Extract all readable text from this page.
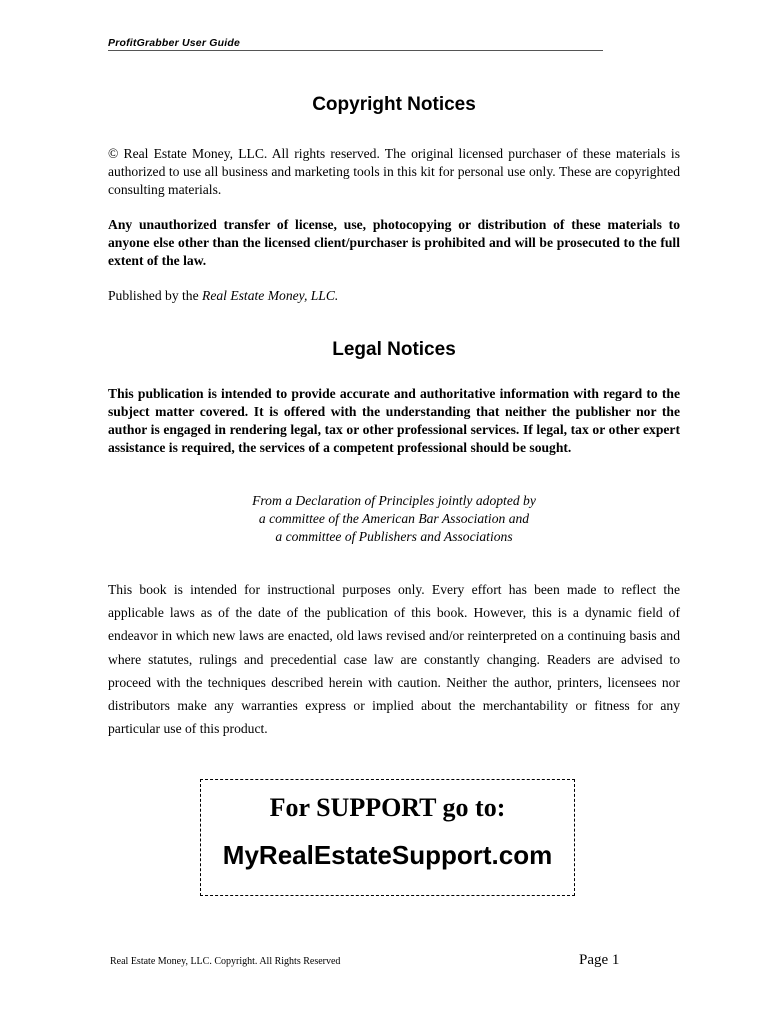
ProfitGrabber User Guide
Copyright Notices
© Real Estate Money, LLC. All rights reserved. The original licensed purchaser of these materials is authorized to use all business and marketing tools in this kit for personal use only. These are copyrighted consulting materials.
Any unauthorized transfer of license, use, photocopying or distribution of these materials to anyone else other than the licensed client/purchaser is prohibited and will be prosecuted to the full extent of the law.
Published by the Real Estate Money, LLC.
Legal Notices
This publication is intended to provide accurate and authoritative information with regard to the subject matter covered. It is offered with the understanding that neither the publisher nor the author is engaged in rendering legal, tax or other professional services. If legal, tax or other expert assistance is required, the services of a competent professional should be sought.
From a Declaration of Principles jointly adopted by
a committee of the American Bar Association and
a committee of Publishers and Associations
This book is intended for instructional purposes only. Every effort has been made to reflect the applicable laws as of the date of the publication of this book. However, this is a dynamic field of endeavor in which new laws are enacted, old laws revised and/or reinterpreted on a continuing basis and where statutes, rulings and precedential case law are constantly changing. Readers are advised to proceed with the techniques described herein with caution. Neither the author, printers, licensees nor distributors make any warranties express or implied about the merchantability or fitness for any particular use of this product.
For SUPPORT go to:
MyRealEstateSupport.com
Real Estate Money, LLC. Copyright. All Rights Reserved	Page 1
